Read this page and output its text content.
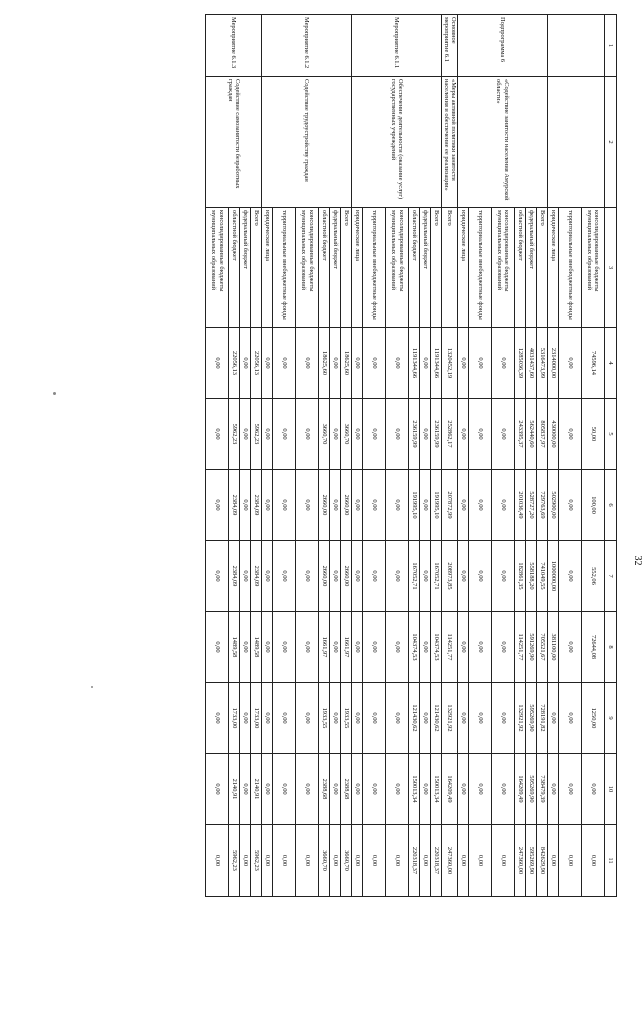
1	2	3	4	5	6	7	8	9	10	11
		консолидированные бюджеты муниципальных образований	74596,14	50,00	100,00	552,06	72644,08	1250,00	0,00	0,00
		территориальные внебюджетные фонды	0,00	0,00	0,00	0,00	0,00	0,00	0,00	0,00
		юридические лица	2314000,00	430000,00	502900,00	1000000,00	381100,00	0,00	0,00	0,00
Подпрограмма 6	«Содействие занятости населения Амурской области»	Всего	5316473,99	805837,97	729763,69	741049,55	705521,67	728191,82	738479,39	842629,90
		федеральный бюджет	4031437,60	562440,60	528727,20	558188,20	591269,90	595269,90	595269,90	595269,90
		областной бюджет	1285036,39	243395,37	201036,49	182861,35	114251,77	132921,92	164209,49	247360,00
		консолидированные бюджеты муниципальных образований	0,00	0,00	0,00	0,00	0,00	0,00	0,00	0,00
		территориальные внебюджетные фонды	0,00	0,00	0,00	0,00	0,00	0,00	0,00	0,00
		юридические лица	0,00	0,00	0,00	0,00	0,00	0,00	0,00	0,00
Основное мероприятие 6.1	«Меры активной политики занятости населения и обеспечение ее реализации»	Всего	1320452,19	252862,17	207872,99	208973,85	114251,77	132921,92	164209,49	247360,00
Мероприятие 6.1.1	Обеспечение деятельности (оказание услуг) государственных учреждений	Всего	1191344,66	236159,99	191995,10	167052,71	104374,53	121430,62	150013,34	220318,37
		федеральный бюджет	0,00	0,00	0,00	0,00	0,00	0,00	0,00	0,00
		областной бюджет	1191344,66	236159,99	191995,10	167052,71	104374,53	121430,62	150013,34	220318,37
		консолидированные бюджеты муниципальных образований	0,00	0,00	0,00	0,00	0,00	0,00	0,00	0,00
		территориальные внебюджетные фонды	0,00	0,00	0,00	0,00	0,00	0,00	0,00	0,00
		юридические лица	0,00	0,00	0,00	0,00	0,00	0,00	0,00	0,00
Мероприятие 6.1.2	Содействие трудоустройству граждан	Всего	18625,60	3660,70	2660,00	2660,00	1661,97	1933,55	2388,68	3660,70
		федеральный бюджет	0,00	0,00	0,00	0,00	0,00	0,00	0,00	0,00
		областной бюджет	18625,60	3660,70	2660,00	2660,00	1661,97	1933,55	2388,68	3660,70
		консолидированные бюджеты муниципальных образований	0,00	0,00	0,00	0,00	0,00	0,00	0,00	0,00
		территориальные внебюджетные фонды	0,00	0,00	0,00	0,00	0,00	0,00	0,00	0,00
		юридические лица	0,00	0,00	0,00	0,00	0,00	0,00	0,00	0,00
Мероприятие 6.1.3	Содействие самозанятости безработных граждан	Всего	22056,13	5962,23	2384,09	2384,09	1489,58	1733,00	2140,91	5962,23
		федеральный бюджет	0,00	0,00	0,00	0,00	0,00	0,00	0,00	0,00
		областной бюджет	22056,13	5962,23	2384,09	2384,09	1489,58	1733,00	2140,91	5962,23
		консолидированные бюджеты муниципальных образований	0,00	0,00	0,00	0,00	0,00	0,00	0,00	0,00
32
